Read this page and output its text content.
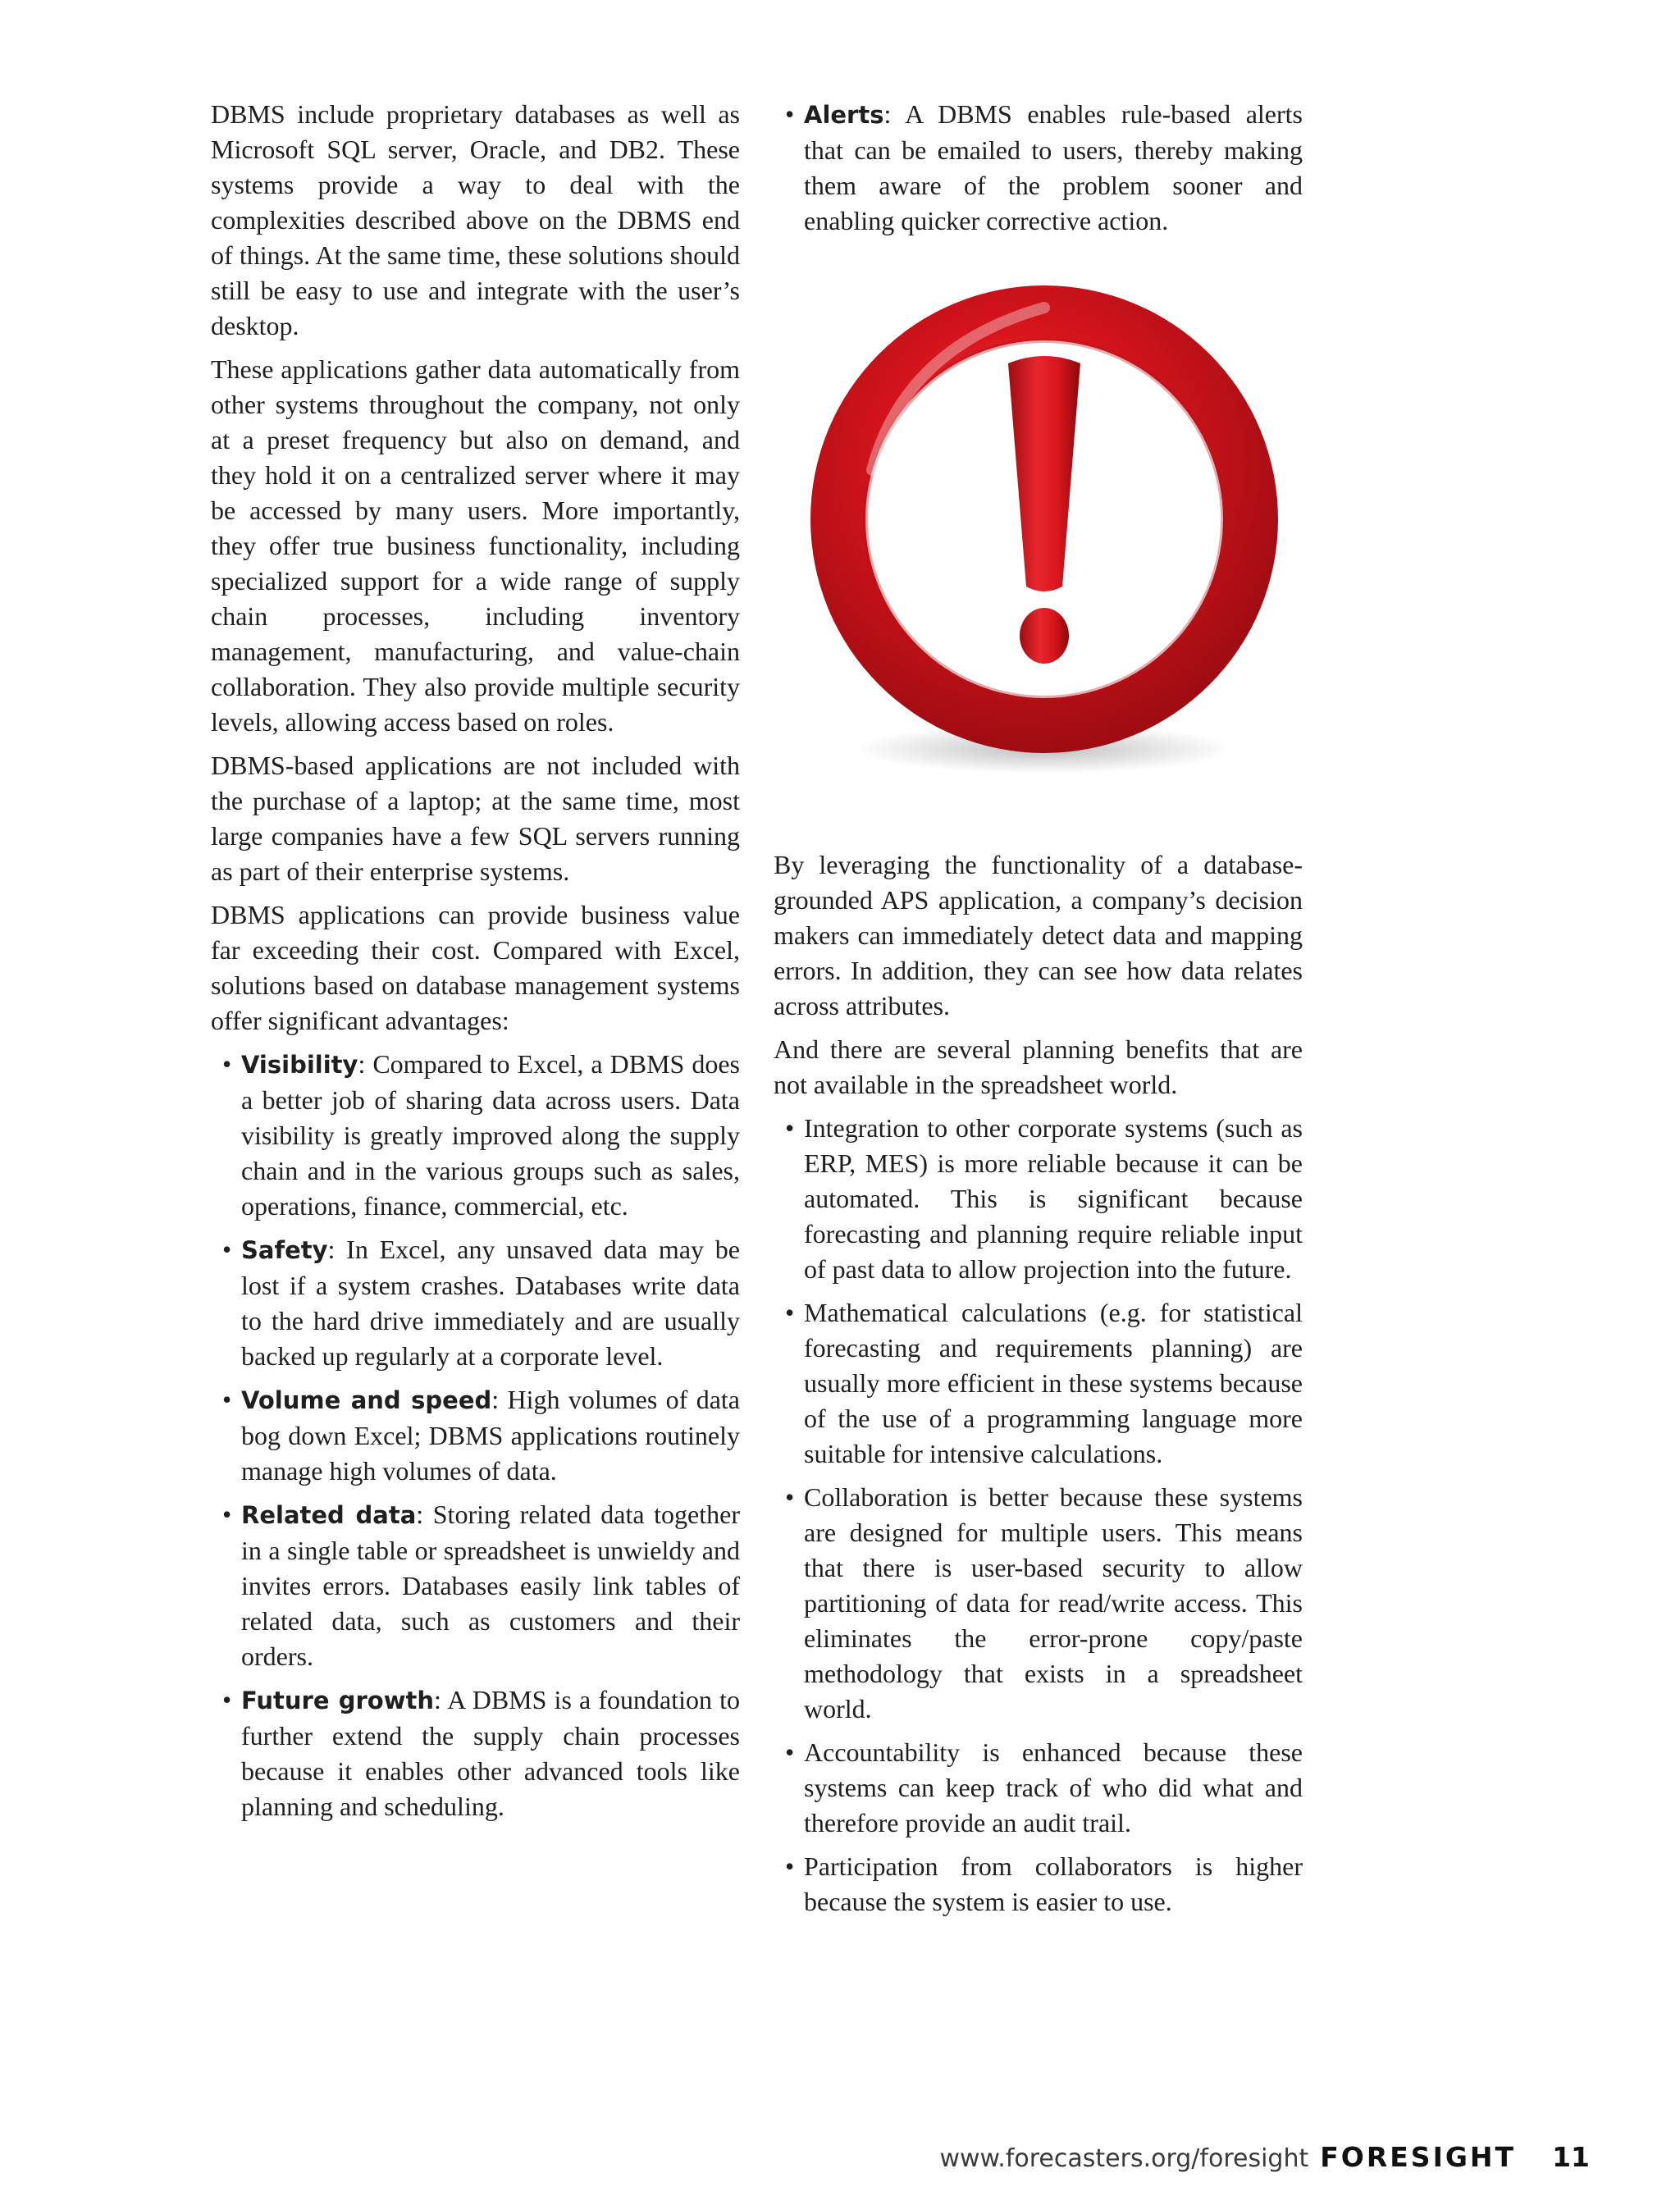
DBMS include proprietary databases as well as Microsoft SQL server, Oracle, and DB2. These systems provide a way to deal with the complexities described above on the DBMS end of things. At the same time, these solutions should still be easy to use and integrate with the user’s desktop.

These applications gather data automatically from other systems throughout the company, not only at a preset frequency but also on demand, and they hold it on a centralized server where it may be accessed by many users. More importantly, they offer true business functionality, including specialized support for a wide range of supply chain processes, including inventory management, manufacturing, and value-chain collaboration. They also provide multiple security levels, allowing access based on roles.

DBMS-based applications are not included with the purchase of a laptop; at the same time, most large companies have a few SQL servers running as part of their enterprise systems.

DBMS applications can provide business value far exceeding their cost. Compared with Excel, solutions based on database management systems offer significant advantages:

• Visibility: Compared to Excel, a DBMS does a better job of sharing data across users. Data visibility is greatly improved along the supply chain and in the various groups such as sales, operations, finance, commercial, etc.
• Safety: In Excel, any unsaved data may be lost if a system crashes. Databases write data to the hard drive immediately and are usually backed up regularly at a corporate level.
• Volume and speed: High volumes of data bog down Excel; DBMS applications routinely manage high volumes of data.
• Related data: Storing related data together in a single table or spreadsheet is unwieldy and invites errors. Databases easily link tables of related data, such as customers and their orders.
• Future growth: A DBMS is a foundation to further extend the supply chain processes because it enables other advanced tools like planning and scheduling.
• Alerts: A DBMS enables rule-based alerts that can be emailed to users, thereby making them aware of the problem sooner and enabling quicker corrective action.

By leveraging the functionality of a database-grounded APS application, a company’s decision makers can immediately detect data and mapping errors. In addition, they can see how data relates across attributes.

And there are several planning benefits that are not available in the spreadsheet world.

• Integration to other corporate systems (such as ERP, MES) is more reliable because it can be automated. This is significant because forecasting and planning require reliable input of past data to allow projection into the future.
• Mathematical calculations (e.g. for statistical forecasting and requirements planning) are usually more efficient in these systems because of the use of a programming language more suitable for intensive calculations.
• Collaboration is better because these systems are designed for multiple users. This means that there is user-based security to allow partitioning of data for read/write access. This eliminates the error-prone copy/paste methodology that exists in a spreadsheet world.
• Accountability is enhanced because these systems can keep track of who did what and therefore provide an audit trail.
• Participation from collaborators is higher because the system is easier to use.
www.forecasters.org/foresight FORESIGHT 11
